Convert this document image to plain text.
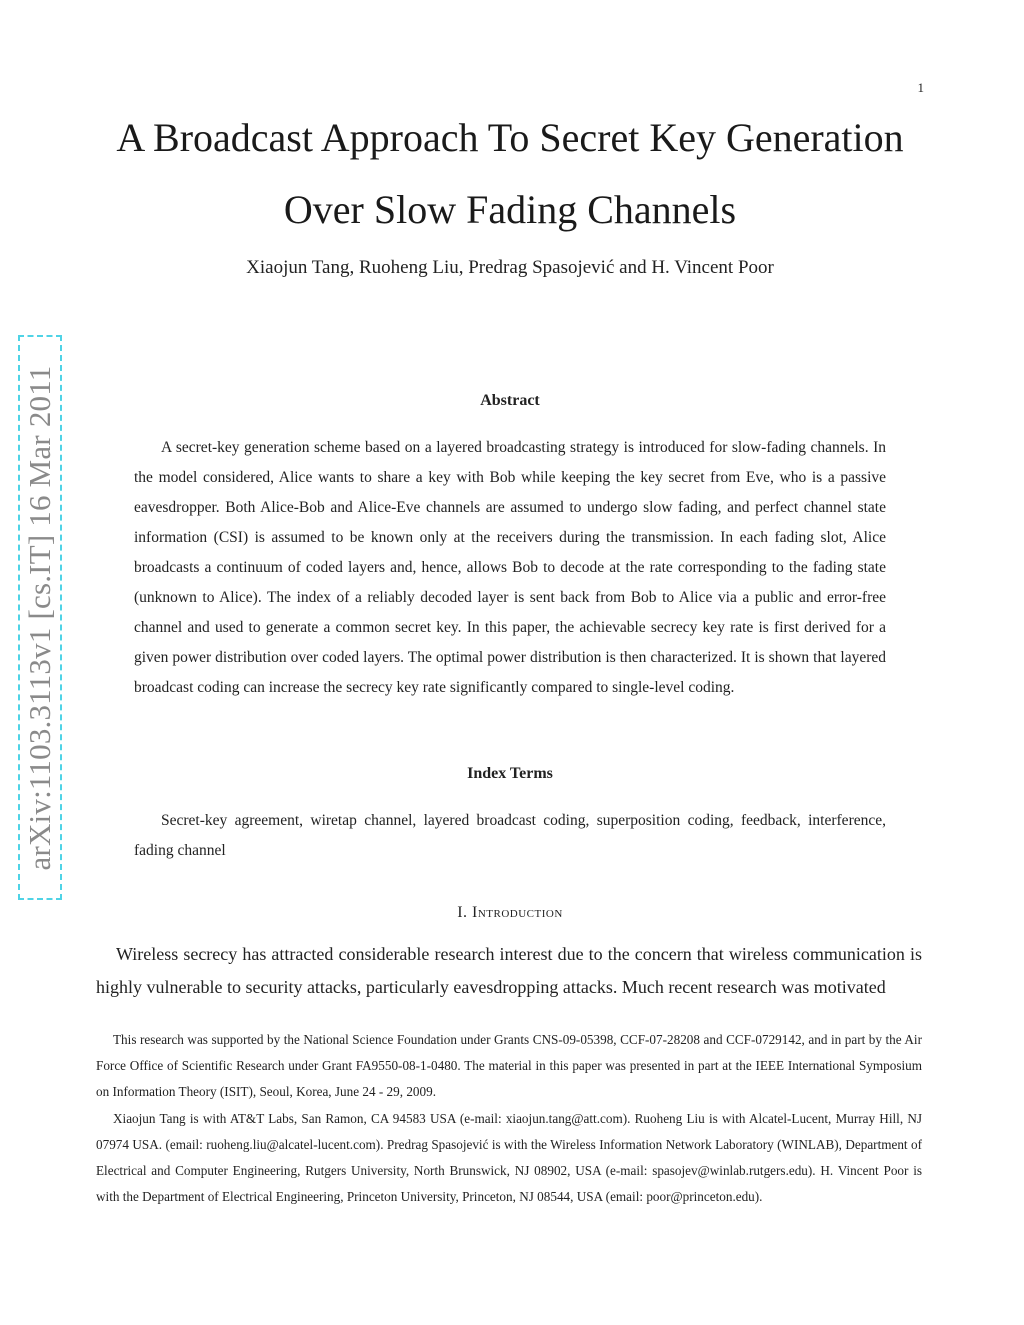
1
arXiv:1103.3113v1 [cs.IT] 16 Mar 2011
A Broadcast Approach To Secret Key Generation
Over Slow Fading Channels
Xiaojun Tang, Ruoheng Liu, Predrag Spasojević and H. Vincent Poor
Abstract

A secret-key generation scheme based on a layered broadcasting strategy is introduced for slow-fading channels. In the model considered, Alice wants to share a key with Bob while keeping the key secret from Eve, who is a passive eavesdropper. Both Alice-Bob and Alice-Eve channels are assumed to undergo slow fading, and perfect channel state information (CSI) is assumed to be known only at the receivers during the transmission. In each fading slot, Alice broadcasts a continuum of coded layers and, hence, allows Bob to decode at the rate corresponding to the fading state (unknown to Alice). The index of a reliably decoded layer is sent back from Bob to Alice via a public and error-free channel and used to generate a common secret key. In this paper, the achievable secrecy key rate is first derived for a given power distribution over coded layers. The optimal power distribution is then characterized. It is shown that layered broadcast coding can increase the secrecy key rate significantly compared to single-level coding.

Index Terms

Secret-key agreement, wiretap channel, layered broadcast coding, superposition coding, feedback, interference, fading channel

I. Introduction

Wireless secrecy has attracted considerable research interest due to the concern that wireless communication is highly vulnerable to security attacks, particularly eavesdropping attacks. Much recent research was motivated

This research was supported by the National Science Foundation under Grants CNS-09-05398, CCF-07-28208 and CCF-0729142, and in part by the Air Force Office of Scientific Research under Grant FA9550-08-1-0480. The material in this paper was presented in part at the IEEE International Symposium on Information Theory (ISIT), Seoul, Korea, June 24 - 29, 2009.

Xiaojun Tang is with AT&T Labs, San Ramon, CA 94583 USA (e-mail: xiaojun.tang@att.com). Ruoheng Liu is with Alcatel-Lucent, Murray Hill, NJ 07974 USA. (email: ruoheng.liu@alcatel-lucent.com). Predrag Spasojević is with the Wireless Information Network Laboratory (WINLAB), Department of Electrical and Computer Engineering, Rutgers University, North Brunswick, NJ 08902, USA (e-mail: spasojev@winlab.rutgers.edu). H. Vincent Poor is with the Department of Electrical Engineering, Princeton University, Princeton, NJ 08544, USA (email: poor@princeton.edu).
